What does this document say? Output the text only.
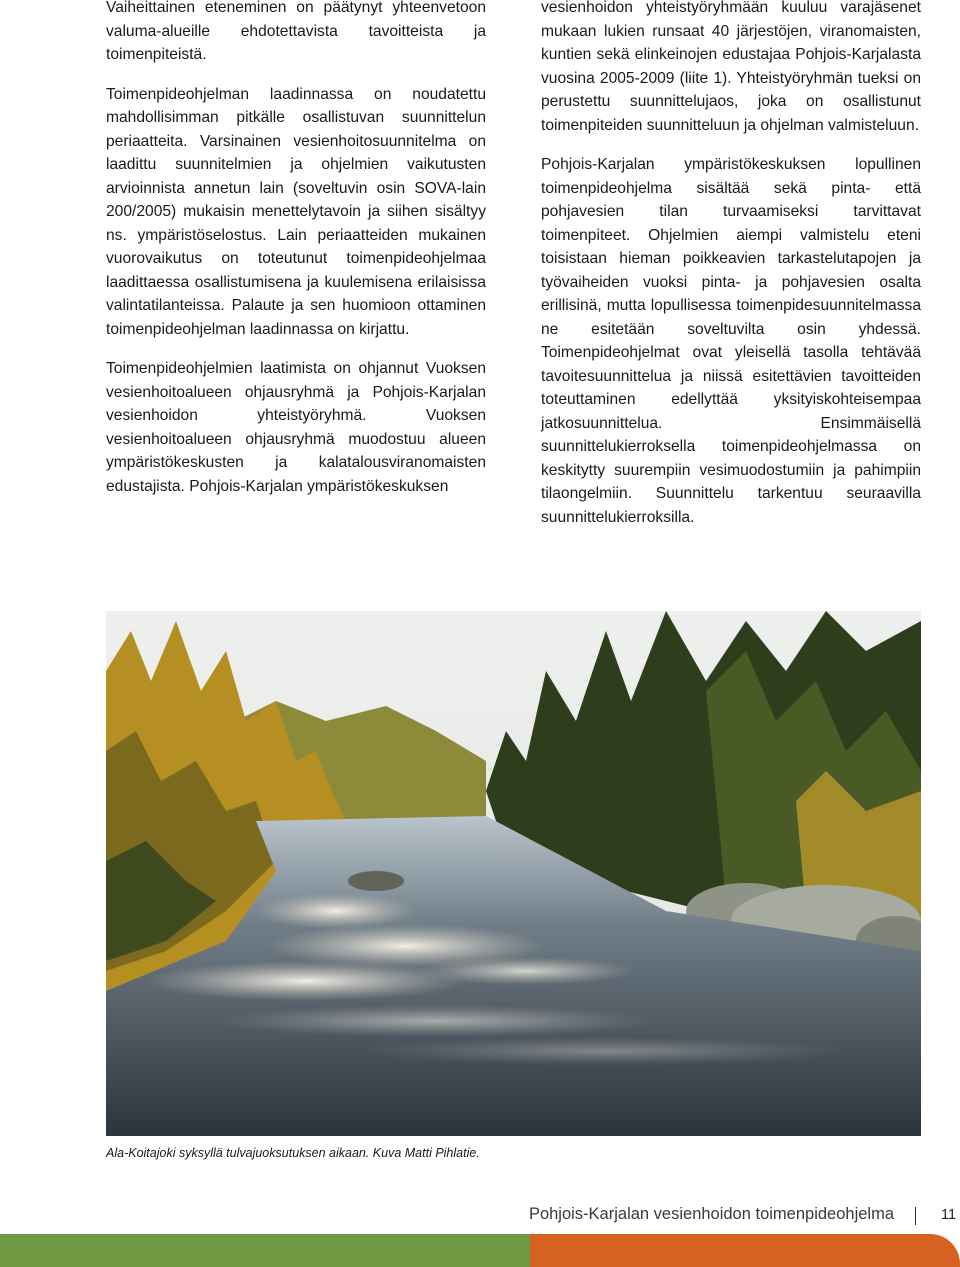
Vaiheittainen eteneminen on päätynyt yhteenvetoon valuma-alueille ehdotettavista tavoitteista ja toimenpiteistä.

Toimenpideohjelman laadinnassa on noudatettu mahdollisimman pitkälle osallistuvan suunnittelun periaatteita. Varsinainen vesienhoitosuunnitelma on laadittu suunnitelmien ja ohjelmien vaikutusten arvioinnista annetun lain (soveltuvin osin SOVA-lain 200/2005) mukaisin menettelytavoin ja siihen sisältyy ns. ympäristöselostus. Lain periaatteiden mukainen vuorovaikutus on toteutunut toimenpideohjelmaa laadittaessa osallistumisena ja kuulemisena erilaisissa valintatilanteissa. Palaute ja sen huomioon ottaminen toimenpideohjelman laadinnassa on kirjattu.

Toimenpideohjelmien laatimista on ohjannut Vuoksen vesienhoitoalueen ohjausryhmä ja Pohjois-Karjalan vesienhoidon yhteistyöryhmä. Vuoksen vesienhoitoalueen ohjausryhmä muodostuu alueen ympäristökeskusten ja kalatalousviranomaisten edustajista. Pohjois-Karjalan ympäristökeskuksen

vesienhoidon yhteistyöryhmään kuuluu varajäsenet mukaan lukien runsaat 40 järjestöjen, viranomaisten, kuntien sekä elinkeinojen edustajaa Pohjois-Karjalasta vuosina 2005-2009 (liite 1). Yhteistyöryhmän tueksi on perustettu suunnittelujaos, joka on osallistunut toimenpiteiden suunnitteluun ja ohjelman valmisteluun.

Pohjois-Karjalan ympäristökeskuksen lopullinen toimenpideohjelma sisältää sekä pinta- että pohjavesien tilan turvaamiseksi tarvittavat toimenpiteet. Ohjelmien aiempi valmistelu eteni toisistaan hieman poikkeavien tarkastelutapojen ja työvaiheiden vuoksi pinta- ja pohjavesien osalta erillisinä, mutta lopullisessa toimenpidesuunnitelmassa ne esitetään soveltuvilta osin yhdessä. Toimenpideohjelmat ovat yleisellä tasolla tehtävää tavoitesuunnittelua ja niissä esitettävien tavoitteiden toteuttaminen edellyttää yksityiskohteisempaa jatkosuunnittelua. Ensimmäisellä suunnittelukierroksella toimenpideohjelmassa on keskitytty suurempiin vesimuodostumiin ja pahimpiin tilaongelmiin. Suunnittelu tarkentuu seuraavilla suunnittelukierroksilla.

Ala-Koitajoki syksyllä tulvajuoksutuksen aikaan. Kuva Matti Pihlatie.
Pohjois-Karjalan vesienhoidon toimenpideohjelma	11
